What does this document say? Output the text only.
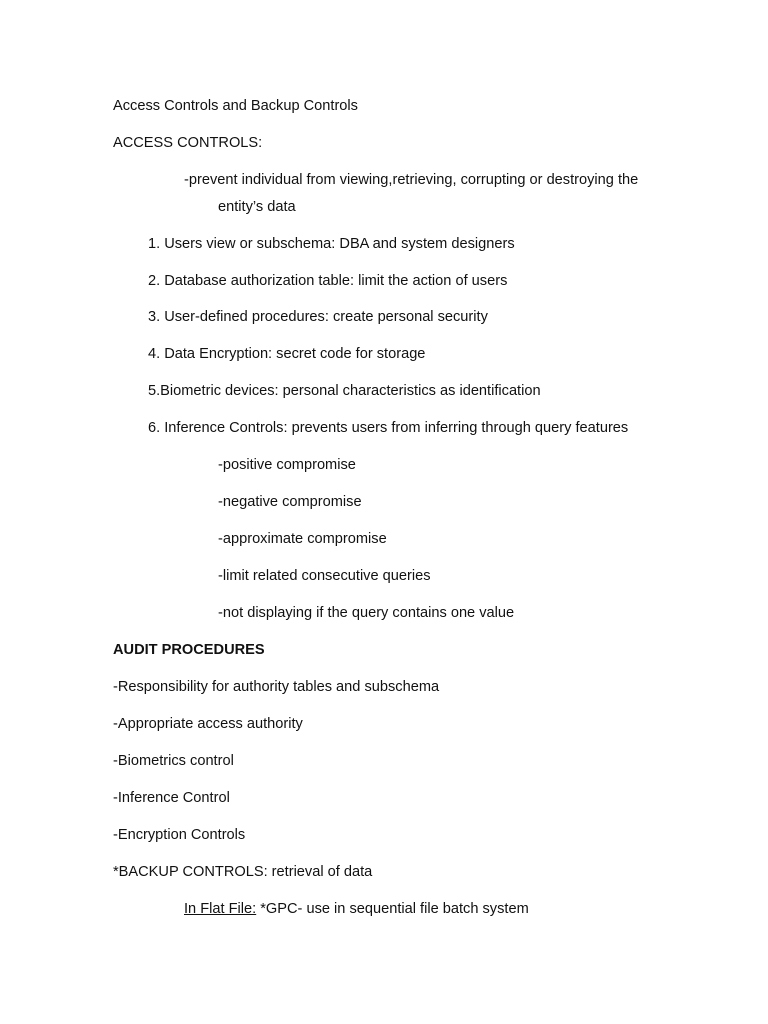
Access Controls and Backup Controls
ACCESS CONTROLS:
-prevent individual from viewing,retrieving, corrupting or destroying the
entity’s data
1. Users view or subschema: DBA and system designers
2. Database authorization table: limit the action of users
3. User-defined procedures: create personal security
4. Data Encryption: secret code for storage
5.Biometric devices: personal characteristics as identification
6. Inference Controls: prevents users from inferring through query features
-positive compromise
-negative compromise
-approximate compromise
-limit related consecutive queries
-not displaying if the query contains one value
AUDIT PROCEDURES
-Responsibility for authority tables and subschema
-Appropriate access authority
-Biometrics control
-Inference Control
-Encryption Controls
*BACKUP CONTROLS: retrieval of data
In Flat File: *GPC- use in sequential file batch system
